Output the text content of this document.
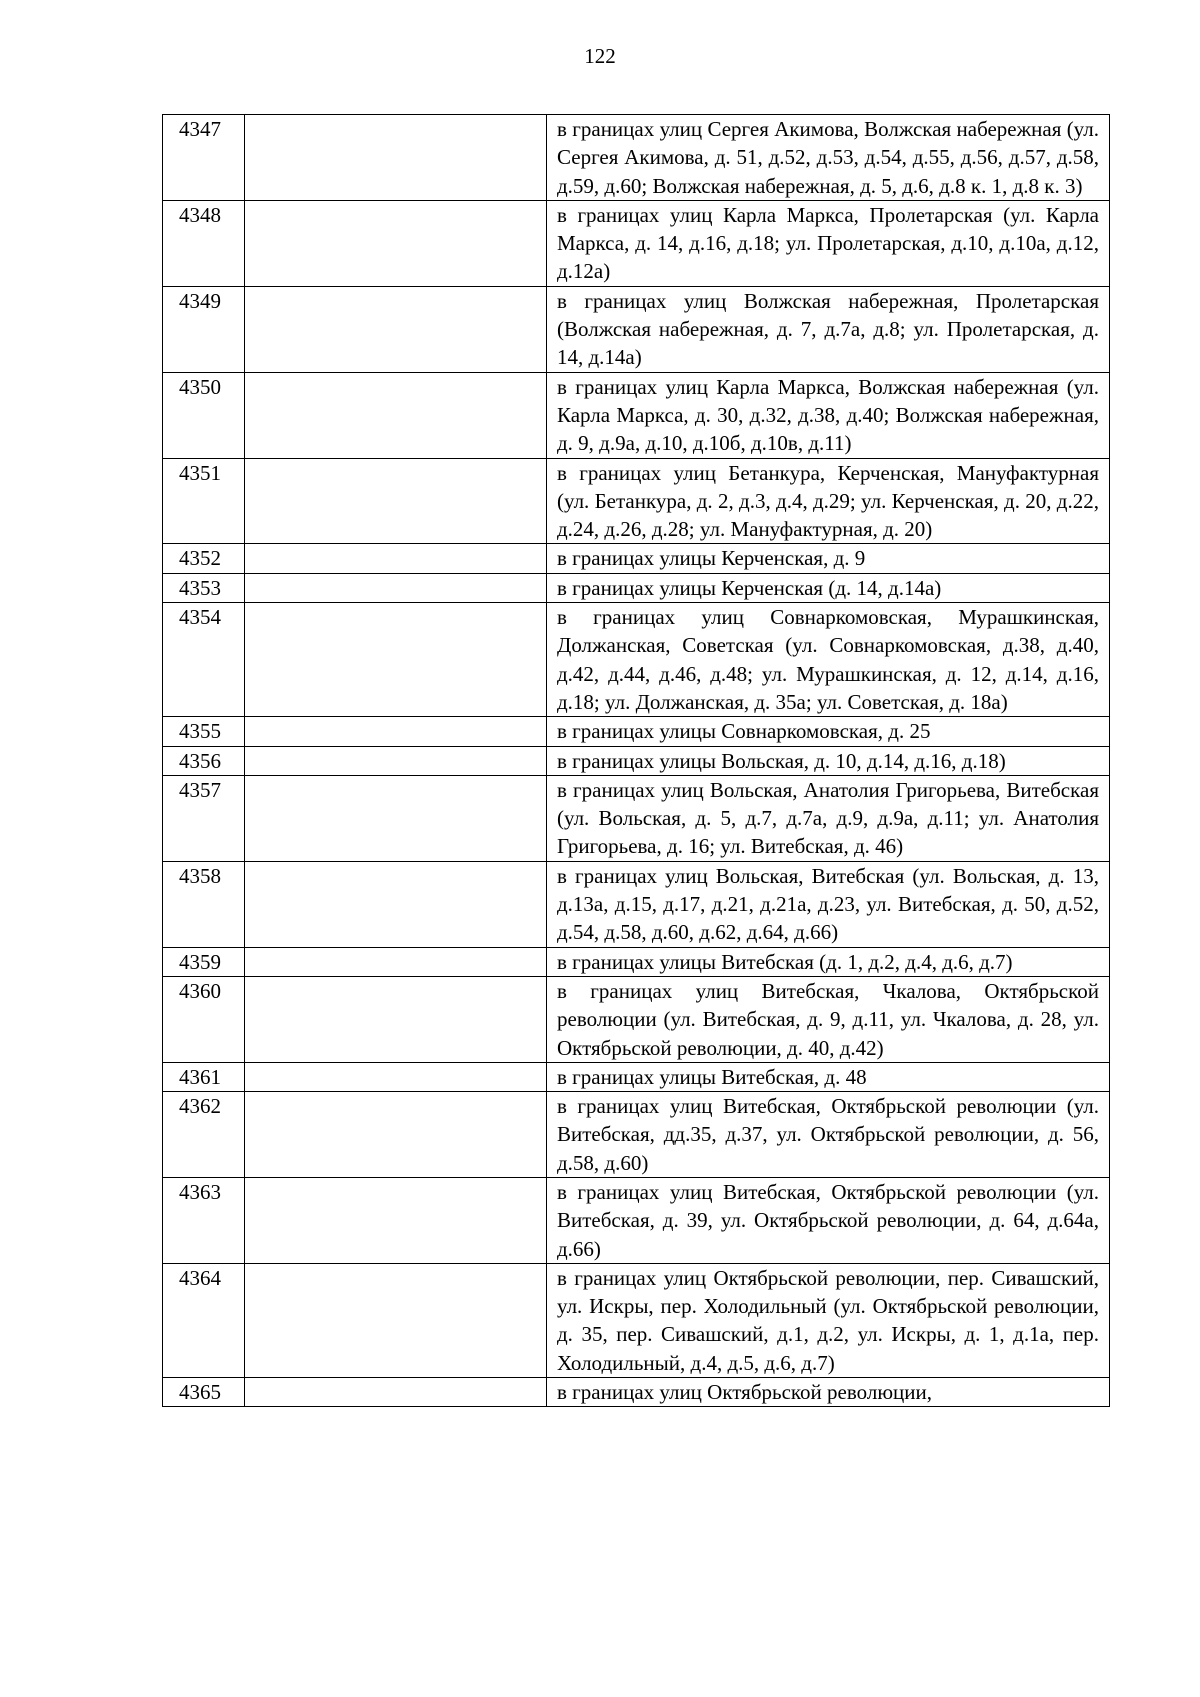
122
4347		в границах улиц Сергея Акимова, Волжская набережная (ул. Сергея Акимова, д. 51, д.52, д.53, д.54, д.55, д.56, д.57, д.58, д.59, д.60; Волжская набережная, д. 5, д.6, д.8 к. 1, д.8 к. 3)
4348		в границах улиц Карла Маркса, Пролетарская (ул. Карла Маркса, д. 14, д.16, д.18; ул. Пролетарская, д.10, д.10а, д.12, д.12а)
4349		в границах улиц Волжская набережная, Пролетарская (Волжская набережная, д. 7, д.7а, д.8; ул. Пролетарская, д. 14, д.14а)
4350		в границах улиц Карла Маркса, Волжская набережная (ул. Карла Маркса, д. 30, д.32, д.38, д.40; Волжская набережная, д. 9, д.9а, д.10, д.10б, д.10в, д.11)
4351		в границах улиц Бетанкура, Керченская, Мануфактурная (ул. Бетанкура, д. 2, д.3, д.4, д.29; ул. Керченская, д. 20, д.22, д.24, д.26, д.28; ул. Мануфактурная, д. 20)
4352		в границах улицы Керченская, д. 9
4353		в границах улицы Керченская (д. 14, д.14а)
4354		в границах улиц Совнаркомовская, Мурашкинская, Должанская, Советская (ул. Совнаркомовская, д.38, д.40, д.42, д.44, д.46, д.48; ул. Мурашкинская, д. 12, д.14, д.16, д.18; ул. Должанская, д. 35а; ул. Советская, д. 18а)
4355		в границах улицы Совнаркомовская, д. 25
4356		в границах улицы Вольская, д. 10, д.14, д.16, д.18)
4357		в границах улиц Вольская, Анатолия Григорьева, Витебская (ул. Вольская, д. 5, д.7, д.7а, д.9, д.9а, д.11; ул. Анатолия Григорьева, д. 16; ул. Витебская, д. 46)
4358		в границах улиц Вольская, Витебская (ул. Вольская, д. 13, д.13а, д.15, д.17, д.21, д.21а, д.23, ул. Витебская, д. 50, д.52, д.54, д.58, д.60, д.62, д.64, д.66)
4359		в границах улицы Витебская (д. 1, д.2, д.4, д.6, д.7)
4360		в границах улиц Витебская, Чкалова, Октябрьской революции (ул. Витебская, д. 9, д.11, ул. Чкалова, д. 28, ул. Октябрьской революции, д. 40, д.42)
4361		в границах улицы Витебская, д. 48
4362		в границах улиц Витебская, Октябрьской революции (ул. Витебская, дд.35, д.37, ул. Октябрьской революции, д. 56, д.58, д.60)
4363		в границах улиц Витебская, Октябрьской революции (ул. Витебская, д. 39, ул. Октябрьской революции, д. 64, д.64а, д.66)
4364		в границах улиц Октябрьской революции, пер. Сивашский, ул. Искры, пер. Холодильный (ул. Октябрьской революции, д. 35, пер. Сивашский, д.1, д.2, ул. Искры, д. 1, д.1а, пер. Холодильный, д.4, д.5, д.6, д.7)
4365		в границах улиц Октябрьской революции,
